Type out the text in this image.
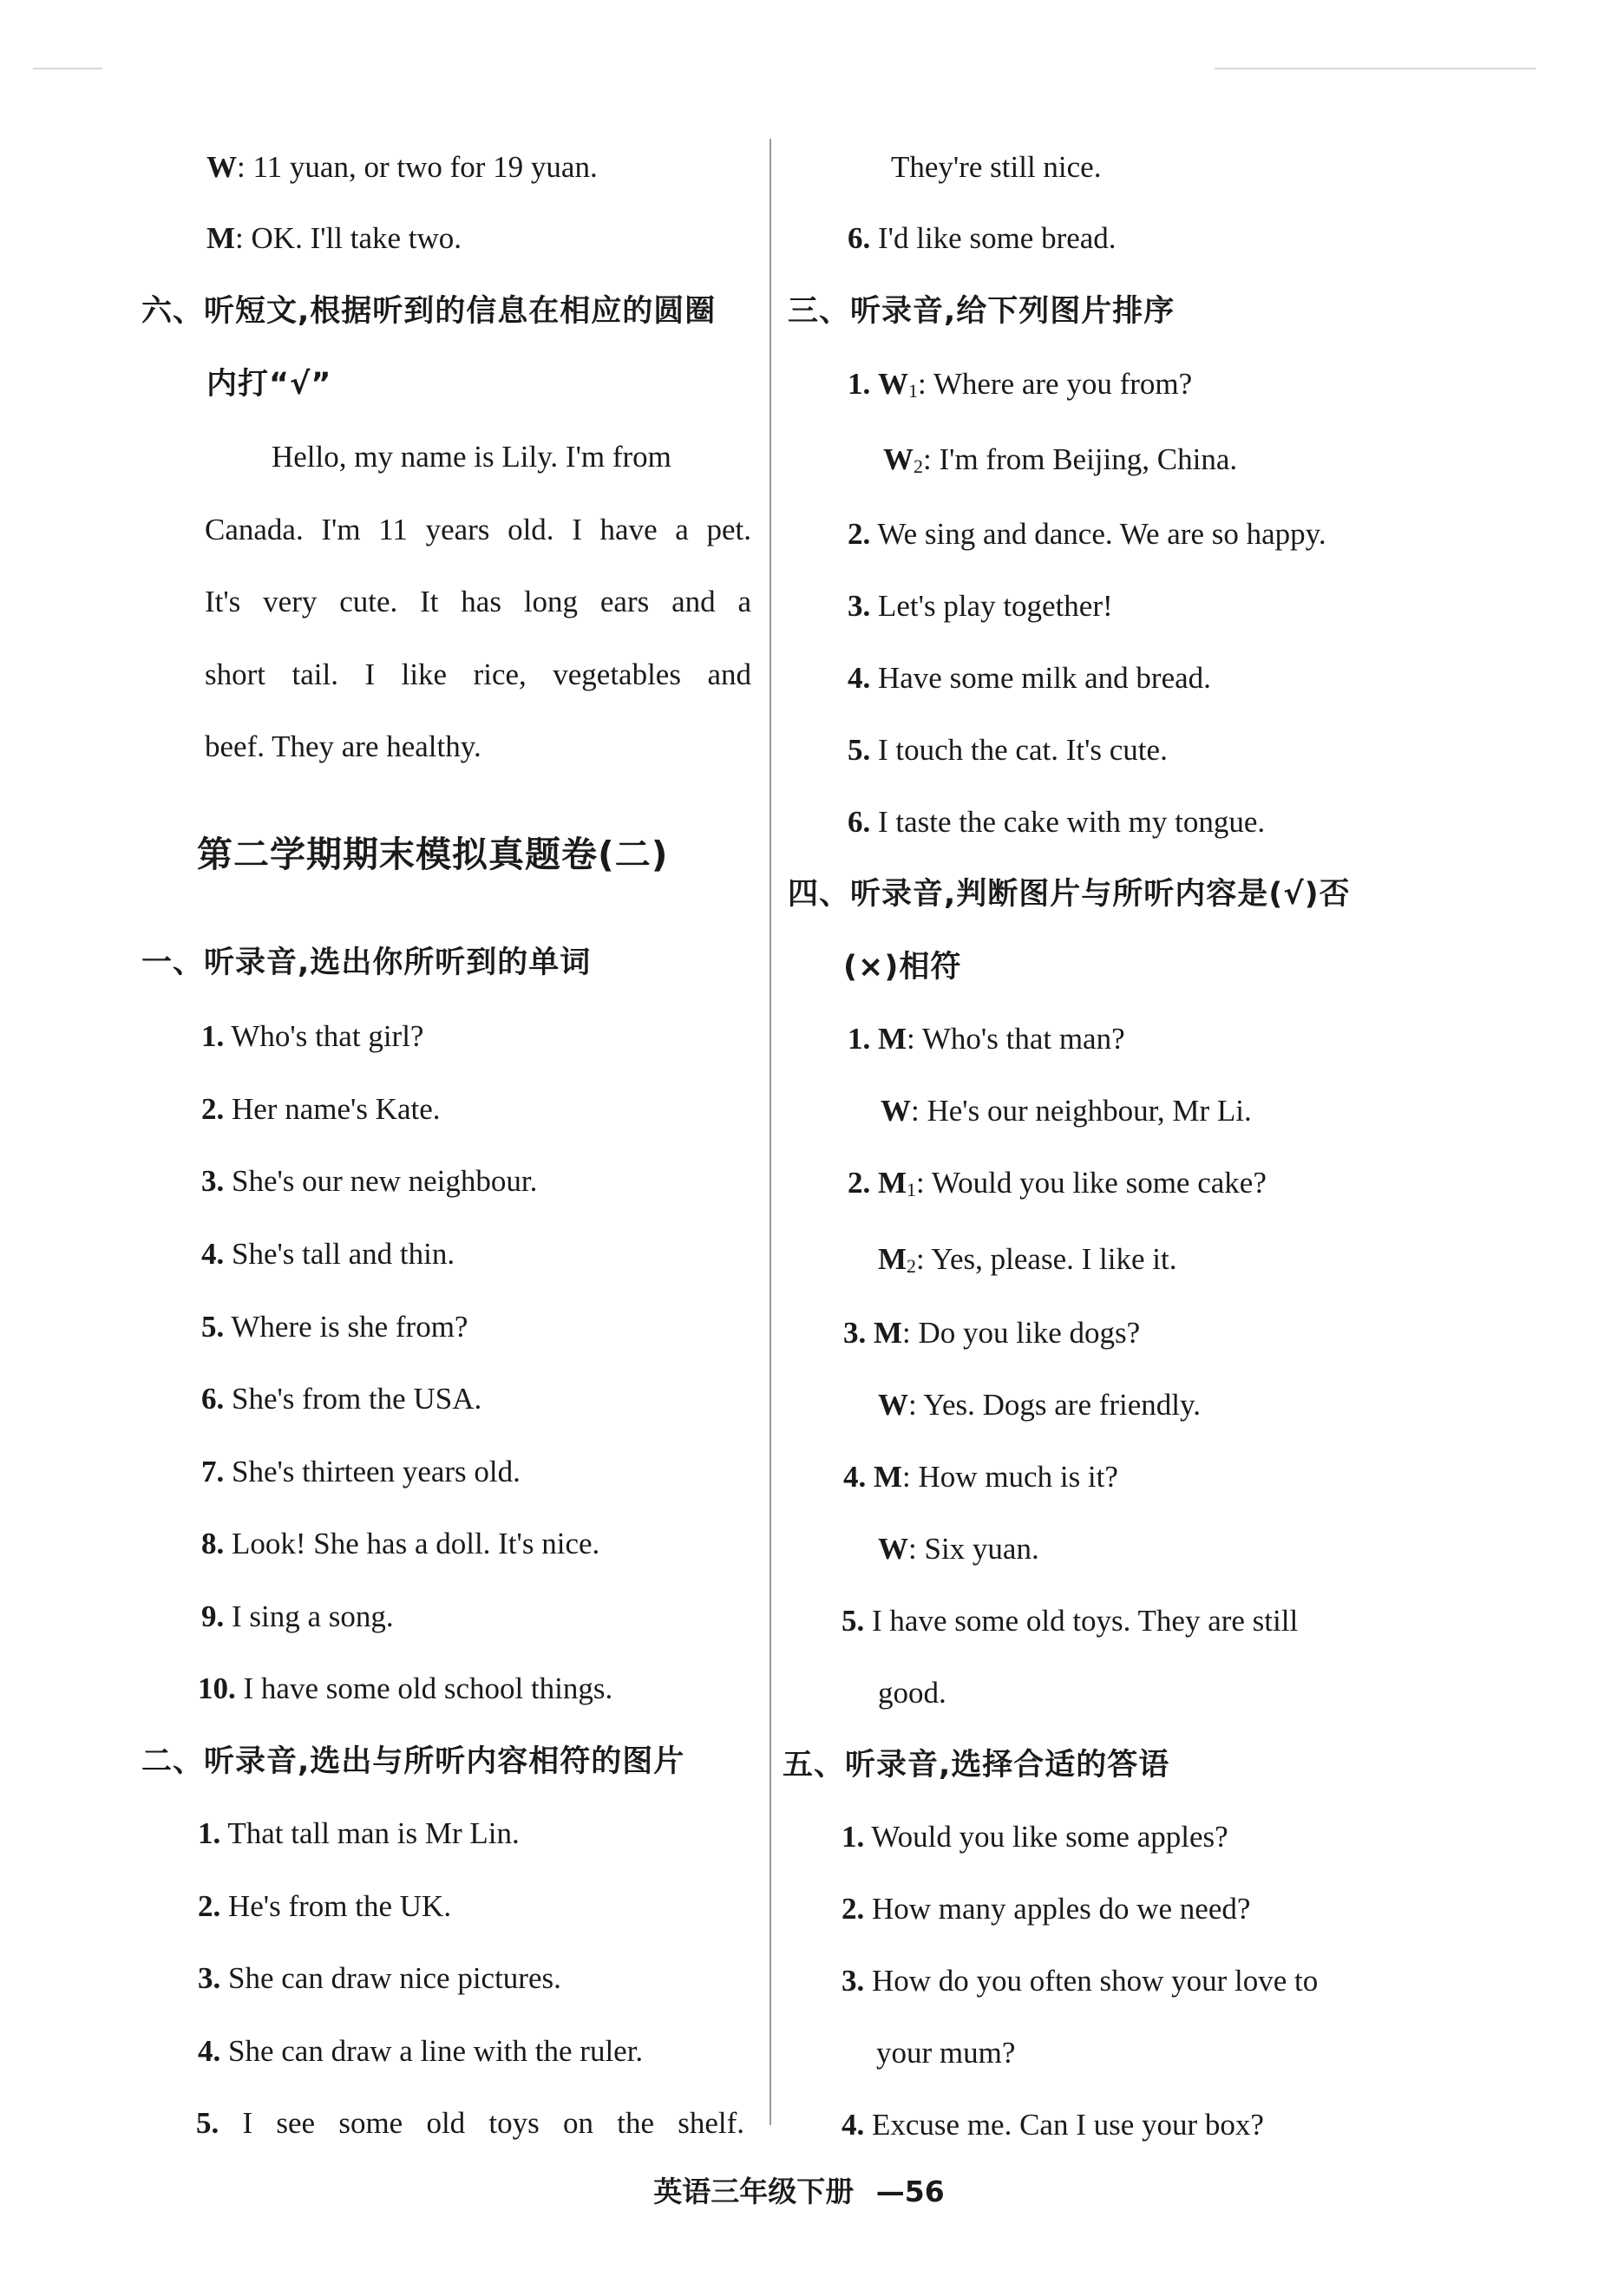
W: 11 yuan, or two for 19 yuan.
M: OK. I'll take two.
六、听短文,根据听到的信息在相应的圆圈
内打“√”
Hello, my name is Lily. I'm from
Canada. I'm 11 years old. I have a pet.
It's very cute. It has long ears and a
short tail. I like rice, vegetables and
beef. They are healthy.
第二学期期末模拟真题卷(二)
一、听录音,选出你所听到的单词
1. Who's that girl?
2. Her name's Kate.
3. She's our new neighbour.
4. She's tall and thin.
5. Where is she from?
6. She's from the USA.
7. She's thirteen years old.
8. Look! She has a doll. It's nice.
9. I sing a song.
10. I have some old school things.
二、听录音,选出与所听内容相符的图片
1. That tall man is Mr Lin.
2. He's from the UK.
3. She can draw nice pictures.
4. She can draw a line with the ruler.
5. I see some old toys on the shelf.
They're still nice.
6. I'd like some bread.
三、听录音,给下列图片排序
1. $W_1$: Where are you from?
$W_2$: I'm from Beijing, China.
2. We sing and dance. We are so happy.
3. Let's play together!
4. Have some milk and bread.
5. I touch the cat. It's cute.
6. I taste the cake with my tongue.
四、听录音,判断图片与所听内容是(√)否
(×)相符
1. M: Who's that man?
W: He's our neighbour, Mr Li.
2. $M_1$: Would you like some cake?
$M_2$: Yes, please. I like it.
3. M: Do you like dogs?
W: Yes. Dogs are friendly.
4. M: How much is it?
W: Six yuan.
5. I have some old toys. They are still
good.
五、听录音,选择合适的答语
1. Would you like some apples?
2. How many apples do we need?
3. How do you often show your love to
your mum?
4. Excuse me. Can I use your box?
英语三年级下册 —56
